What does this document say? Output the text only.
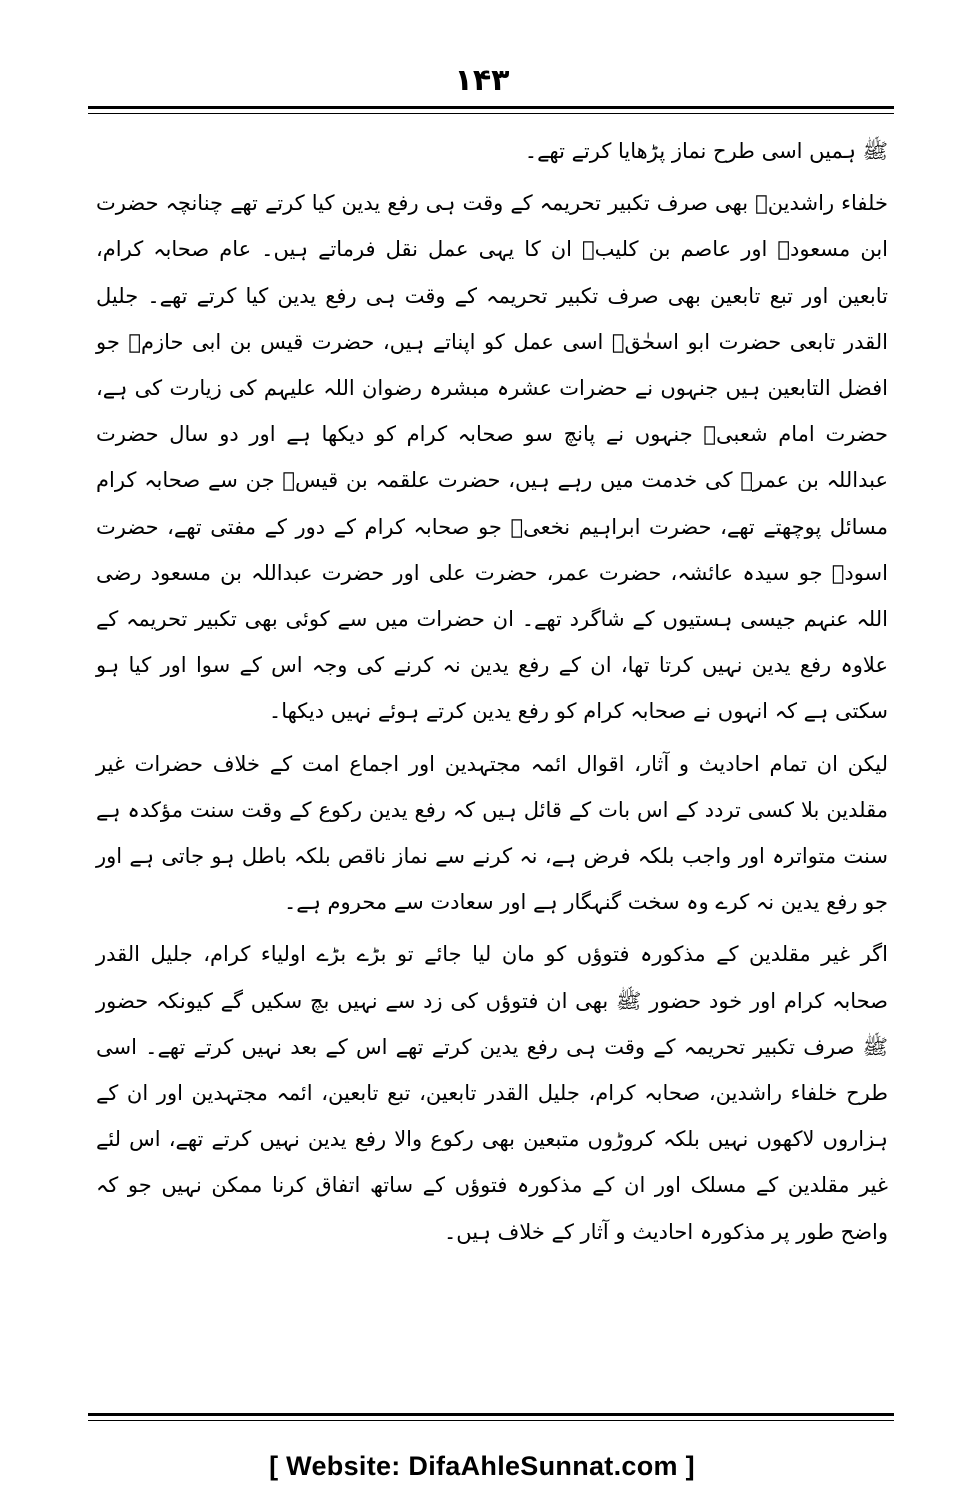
۱۴۳

ﷺ ہمیں اسی طرح نماز پڑھایا کرتے تھے۔

خلفاء راشدینؓ بھی صرف تکبیر تحریمہ کے وقت ہی رفع یدین کیا کرتے تھے چنانچہ حضرت ابن مسعودؓ اور عاصم بن کلیبؒ ان کا یہی عمل نقل فرماتے ہیں۔ عام صحابہ کرام، تابعین اور تبع تابعین بھی صرف تکبیر تحریمہ کے وقت ہی رفع یدین کیا کرتے تھے۔ جلیل القدر تابعی حضرت ابو اسحٰقؒ اسی عمل کو اپناتے ہیں، حضرت قیس بن ابی حازمؒ جو افضل التابعین ہیں جنہوں نے حضرات عشرہ مبشرہ رضوان اللہ علیہم کی زیارت کی ہے، حضرت امام شعبیؒ جنہوں نے پانچ سو صحابہ کرام کو دیکھا ہے اور دو سال حضرت عبداللہ بن عمرؓ کی خدمت میں رہے ہیں، حضرت علقمہ بن قیسؒ جن سے صحابہ کرام مسائل پوچھتے تھے، حضرت ابراہیم نخعیؒ جو صحابہ کرام کے دور کے مفتی تھے، حضرت اسودؒ جو سیدہ عائشہ، حضرت عمر، حضرت علی اور حضرت عبداللہ بن مسعود رضی اللہ عنہم جیسی ہستیوں کے شاگرد تھے۔ ان حضرات میں سے کوئی بھی تکبیر تحریمہ کے علاوہ رفع یدین نہیں کرتا تھا، ان کے رفع یدین نہ کرنے کی وجہ اس کے سوا اور کیا ہو سکتی ہے کہ انہوں نے صحابہ کرام کو رفع یدین کرتے ہوئے نہیں دیکھا۔

لیکن ان تمام احادیث و آثار، اقوال ائمہ مجتہدین اور اجماع امت کے خلاف حضرات غیر مقلدین بلا کسی تردد کے اس بات کے قائل ہیں کہ رفع یدین رکوع کے وقت سنت مؤکدہ ہے سنت متواترہ اور واجب بلکہ فرض ہے، نہ کرنے سے نماز ناقص بلکہ باطل ہو جاتی ہے اور جو رفع یدین نہ کرے وہ سخت گنہگار ہے اور سعادت سے محروم ہے۔

اگر غیر مقلدین کے مذکورہ فتوؤں کو مان لیا جائے تو بڑے بڑے اولیاء کرام، جلیل القدر صحابہ کرام اور خود حضور ﷺ بھی ان فتوؤں کی زد سے نہیں بچ سکیں گے کیونکہ حضور ﷺ صرف تکبیر تحریمہ کے وقت ہی رفع یدین کرتے تھے اس کے بعد نہیں کرتے تھے۔ اسی طرح خلفاء راشدین، صحابہ کرام، جلیل القدر تابعین، تبع تابعین، ائمہ مجتہدین اور ان کے ہزاروں لاکھوں نہیں بلکہ کروڑوں متبعین بھی رکوع والا رفع یدین نہیں کرتے تھے، اس لئے غیر مقلدین کے مسلک اور ان کے مذکورہ فتوؤں کے ساتھ اتفاق کرنا ممکن نہیں جو کہ واضح طور پر مذکورہ احادیث و آثار کے خلاف ہیں۔

[ Website: DifaAhleSunnat.com ]
